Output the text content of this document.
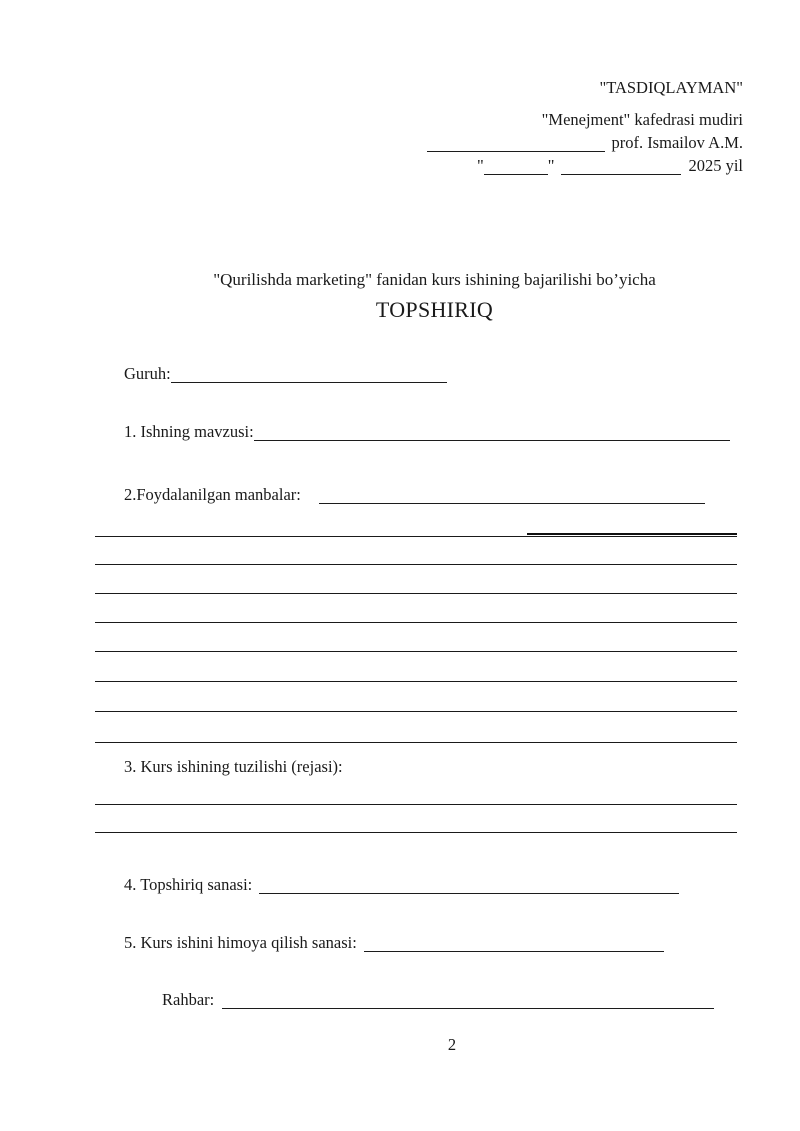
"TASDIQLAYMAN"
"Menejment" kafedrasi mudiri
prof. Ismailov A.M.
"	"	2025 yil
"Qurilishda marketing" fanidan kurs ishining bajarilishi bo’yicha
TOPSHIRIQ
Guruh:
1. Ishning mavzusi:
2.Foydalanilgan manbalar:
3. Kurs ishining tuzilishi (rejasi):
4. Topshiriq sanasi:
5. Kurs ishini himoya qilish sanasi:
Rahbar:
2
